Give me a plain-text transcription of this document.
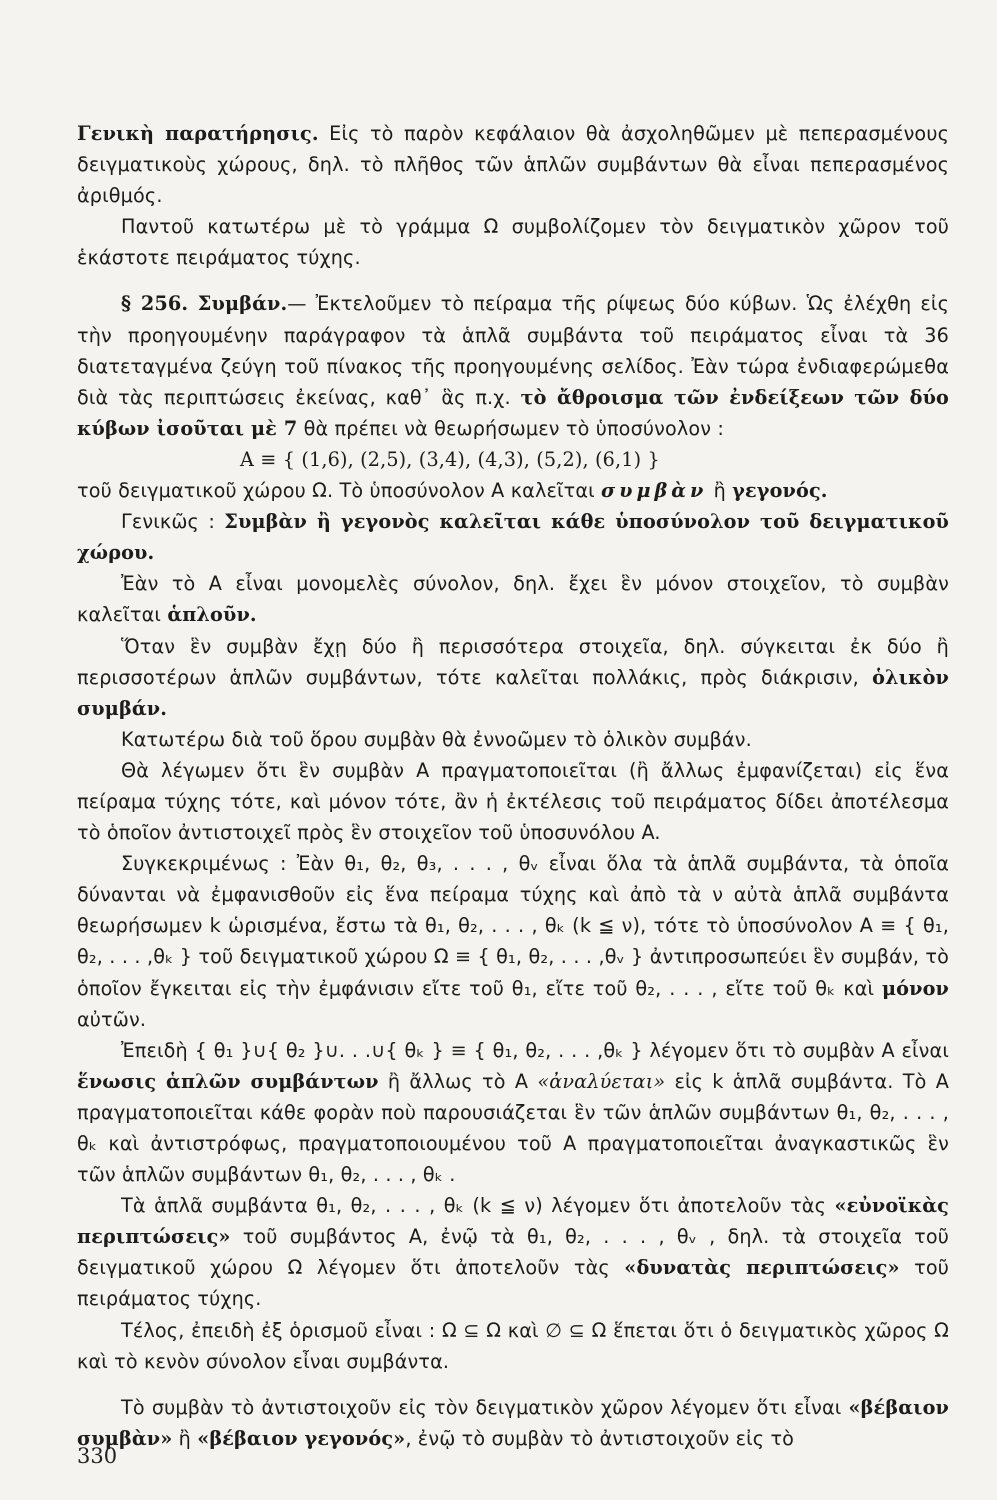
Γενικὴ παρατήρησις. Εἰς τὸ παρὸν κεφάλαιον θὰ ἀσχοληθῶμεν μὲ πεπερασμένους δειγματικοὺς χώρους, δηλ. τὸ πλῆθος τῶν ἁπλῶν συμβάντων θὰ εἶναι πεπερασμένος ἀριθμός.

Παντοῦ κατωτέρω μὲ τὸ γράμμα Ω συμβολίζομεν τὸν δειγματικὸν χῶρον τοῦ ἑκάστοτε πειράματος τύχης.

§ 256. Συμβάν.— Ἐκτελοῦμεν τὸ πείραμα τῆς ρίψεως δύο κύβων. Ὡς ἐλέχθη εἰς τὴν προηγουμένην παράγραφον τὰ ἁπλᾶ συμβάντα τοῦ πειράματος εἶναι τὰ 36 διατεταγμένα ζεύγη τοῦ πίνακος τῆς προηγουμένης σελίδος. Ἐὰν τώρα ἐνδιαφερώμεθα διὰ τὰς περιπτώσεις ἐκείνας, καθ᾿ ἃς π.χ. τὸ ἄθροισμα τῶν ἐνδείξεων τῶν δύο κύβων ἰσοῦται μὲ 7 θὰ πρέπει νὰ θεωρήσωμεν τὸ ὑποσύνολον :

A ≡ { (1,6), (2,5), (3,4), (4,3), (5,2), (6,1) }

τοῦ δειγματικοῦ χώρου Ω. Τὸ ὑποσύνολον A καλεῖται συμβὰν ἢ γεγονός.

Γενικῶς : Συμβὰν ἢ γεγονὸς καλεῖται κάθε ὑποσύνολον τοῦ δειγματικοῦ χώρου.

Ἐὰν τὸ A εἶναι μονομελὲς σύνολον, δηλ. ἔχει ἓν μόνον στοιχεῖον, τὸ συμβὰν καλεῖται ἁπλοῦν.

Ὅταν ἓν συμβὰν ἔχῃ δύο ἢ περισσότερα στοιχεῖα, δηλ. σύγκειται ἐκ δύο ἢ περισσοτέρων ἁπλῶν συμβάντων, τότε καλεῖται πολλάκις, πρὸς διάκρισιν, ὁλικὸν συμβάν.

Κατωτέρω διὰ τοῦ ὅρου συμβὰν θὰ ἐννοῶμεν τὸ ὁλικὸν συμβάν.

Θὰ λέγωμεν ὅτι ἓν συμβὰν A πραγματοποιεῖται (ἢ ἄλλως ἐμφανίζεται) εἰς ἕνα πείραμα τύχης τότε, καὶ μόνον τότε, ἂν ἡ ἐκτέλεσις τοῦ πειράματος δίδει ἀποτέλεσμα τὸ ὁποῖον ἀντιστοιχεῖ πρὸς ἓν στοιχεῖον τοῦ ὑποσυνόλου A.

Συγκεκριμένως : Ἐὰν θ₁, θ₂, θ₃, . . . , θᵥ εἶναι ὅλα τὰ ἁπλᾶ συμβάντα, τὰ ὁποῖα δύνανται νὰ ἐμφανισθοῦν εἰς ἕνα πείραμα τύχης καὶ ἀπὸ τὰ ν αὐτὰ ἁπλᾶ συμβάντα θεωρήσωμεν k ὡρισμένα, ἔστω τὰ θ₁, θ₂, . . . , θₖ (k ≦ ν), τότε τὸ ὑποσύνολον A ≡ { θ₁, θ₂, . . . ,θₖ } τοῦ δειγματικοῦ χώρου Ω ≡ { θ₁, θ₂, . . . ,θᵥ } ἀντιπροσωπεύει ἓν συμβάν, τὸ ὁποῖον ἔγκειται εἰς τὴν ἐμφάνισιν εἴτε τοῦ θ₁, εἴτε τοῦ θ₂, . . . , εἴτε τοῦ θₖ καὶ μόνον αὐτῶν.

Ἐπειδὴ { θ₁ }∪{ θ₂ }∪. . .∪{ θₖ } ≡ { θ₁, θ₂, . . . ,θₖ } λέγομεν ὅτι τὸ συμβὰν A εἶναι ἕνωσις ἁπλῶν συμβάντων ἢ ἄλλως τὸ A «ἀναλύεται» εἰς k ἁπλᾶ συμβάντα. Τὸ A πραγματοποιεῖται κάθε φορὰν ποὺ παρουσιάζεται ἓν τῶν ἁπλῶν συμβάντων θ₁, θ₂, . . . , θₖ καὶ ἀντιστρόφως, πραγματοποιουμένου τοῦ A πραγματοποιεῖται ἀναγκαστικῶς ἓν τῶν ἁπλῶν συμβάντων θ₁, θ₂, . . . , θₖ .

Τὰ ἁπλᾶ συμβάντα θ₁, θ₂, . . . , θₖ (k ≦ ν) λέγομεν ὅτι ἀποτελοῦν τὰς «εὐνοϊκὰς περιπτώσεις» τοῦ συμβάντος A, ἐνῷ τὰ θ₁, θ₂, . . . , θᵥ , δηλ. τὰ στοιχεῖα τοῦ δειγματικοῦ χώρου Ω λέγομεν ὅτι ἀποτελοῦν τὰς «δυνατὰς περιπτώσεις» τοῦ πειράματος τύχης.

Τέλος, ἐπειδὴ ἐξ ὁρισμοῦ εἶναι : Ω ⊆ Ω καὶ ∅ ⊆ Ω ἕπεται ὅτι ὁ δειγματικὸς χῶρος Ω καὶ τὸ κενὸν σύνολον εἶναι συμβάντα.

Τὸ συμβὰν τὸ ἀντιστοιχοῦν εἰς τὸν δειγματικὸν χῶρον λέγομεν ὅτι εἶναι «βέβαιον συμβὰν» ἢ «βέβαιον γεγονός», ἐνῷ τὸ συμβὰν τὸ ἀντιστοιχοῦν εἰς τὸ

330
